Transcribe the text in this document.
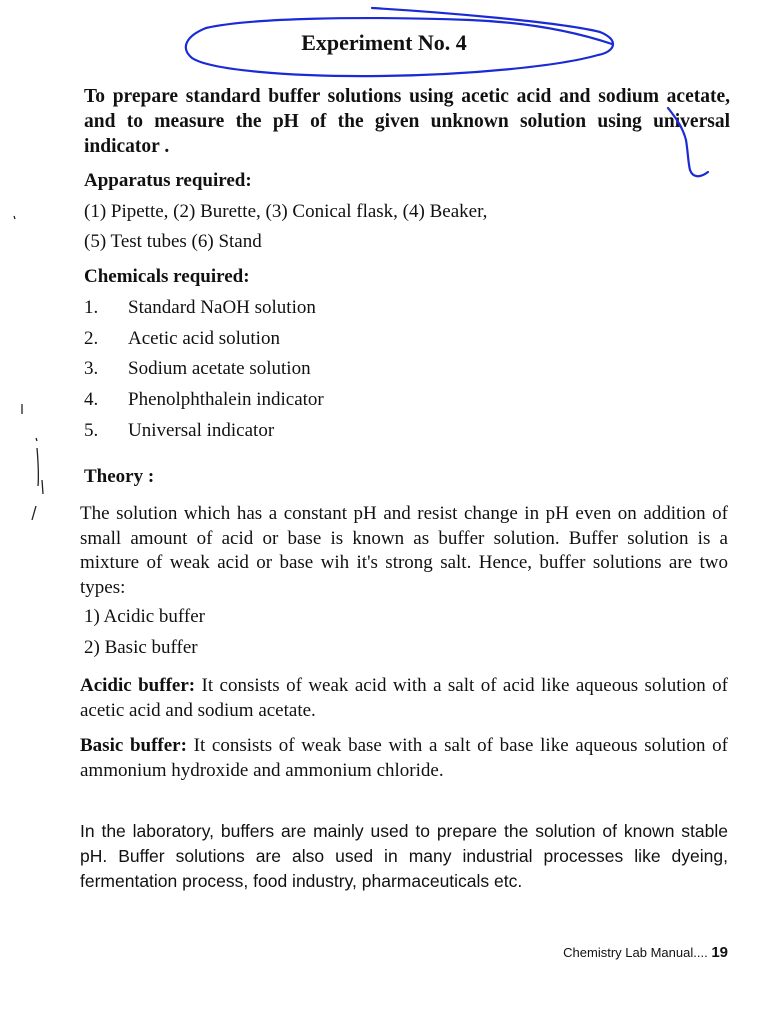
Experiment No. 4
To prepare standard buffer solutions using acetic acid and sodium acetate, and to measure the pH of the given unknown solution using universal indicator .
Apparatus required:
(1) Pipette, (2) Burette, (3) Conical flask, (4) Beaker,
(5) Test tubes (6) Stand
Chemicals required:
1. Standard NaOH solution
2. Acetic acid solution
3. Sodium acetate solution
4. Phenolphthalein indicator
5. Universal indicator
Theory :
The solution which has a constant pH and resist change in pH even on addition of small amount of acid or base is known as buffer solution. Buffer solution is a mixture of weak acid or base wih it's strong salt. Hence, buffer solutions are two types:
1) Acidic buffer
2) Basic buffer
Acidic buffer: It consists of weak acid with a salt of acid like aqueous solution of acetic acid and sodium acetate.
Basic buffer: It consists of weak base with a salt of base like aqueous solution of ammonium hydroxide and ammonium chloride.
In the laboratory, buffers are mainly used to prepare the solution of known stable pH. Buffer solutions are also used in many industrial processes like dyeing, fermentation process, food industry, pharmaceuticals etc.
Chemistry Lab Manual.... 19
